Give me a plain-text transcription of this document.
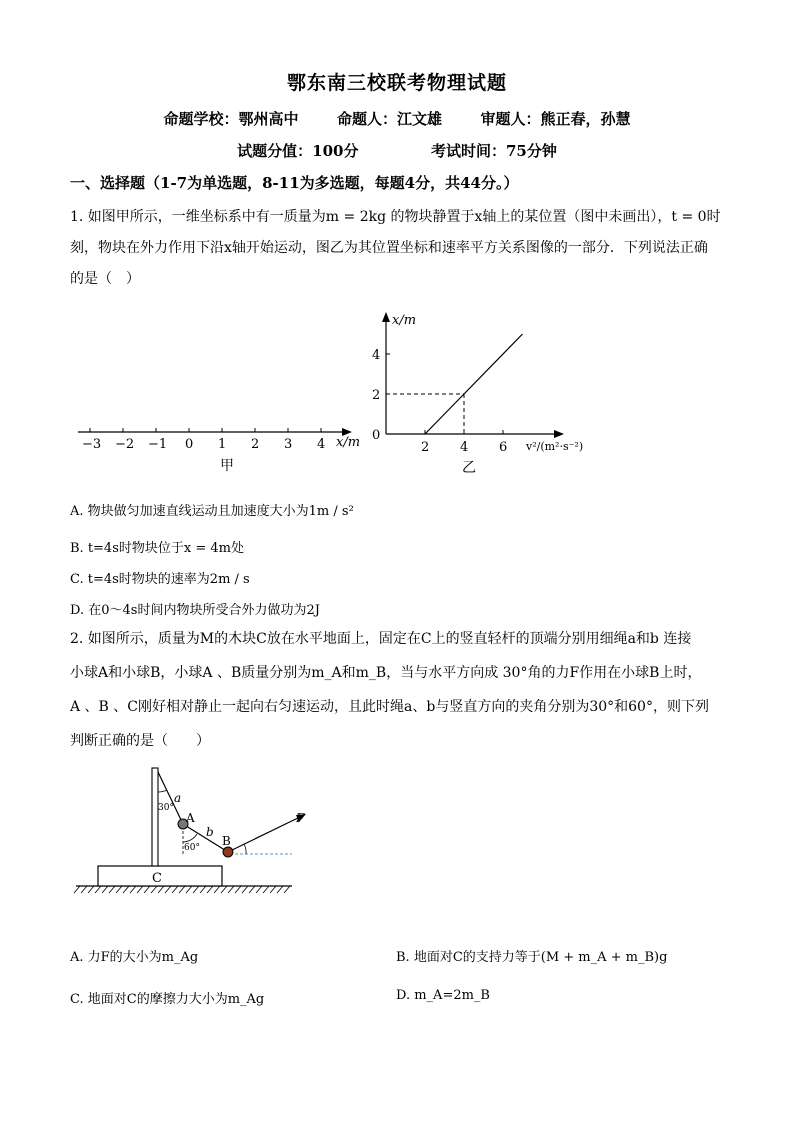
鄂东南三校联考物理试题
命题学校：鄂州高中	命题人：江文雄	审题人：熊正春，孙慧
试题分值：100分	考试时间：75分钟
一、选择题（1-7为单选题，8-11为多选题，每题4分，共44分。）
1. 如图甲所示，一维坐标系中有一质量为m = 2kg 的物块静置于x轴上的某位置（图中未画出），t = 0时
刻，物块在外力作用下沿x轴开始运动，图乙为其位置坐标和速率平方关系图像的一部分．下列说法正确
的是（　）
−3 −2 −1 0 1 2 3 4 x/m
甲
x/m
v²/(m²·s⁻²)
0
2
4
2 4 6
乙
A. 物块做匀加速直线运动且加速度大小为1m / s²
B. t=4s时物块位于x = 4m处
C. t=4s时物块的速率为2m / s
D. 在0～4s时间内物块所受合外力做功为2J
2. 如图所示，质量为M的木块C放在水平地面上，固定在C上的竖直轻杆的顶端分别用细绳a和b 连接
小球A和小球B，小球A 、B质量分别为m_A和m_B，当与水平方向成 30°角的力F作用在小球B上时，
A 、B 、C刚好相对静止一起向右匀速运动，且此时绳a、b与竖直方向的夹角分别为30°和60°，则下列
判断正确的是（　　）
C
a
A
b
B
F
30°
60°
A. 力F的大小为m_Ag	B. 地面对C的支持力等于(M + m_A + m_B)g
C. 地面对C的摩擦力大小为m_Ag	D. m_A=2m_B
